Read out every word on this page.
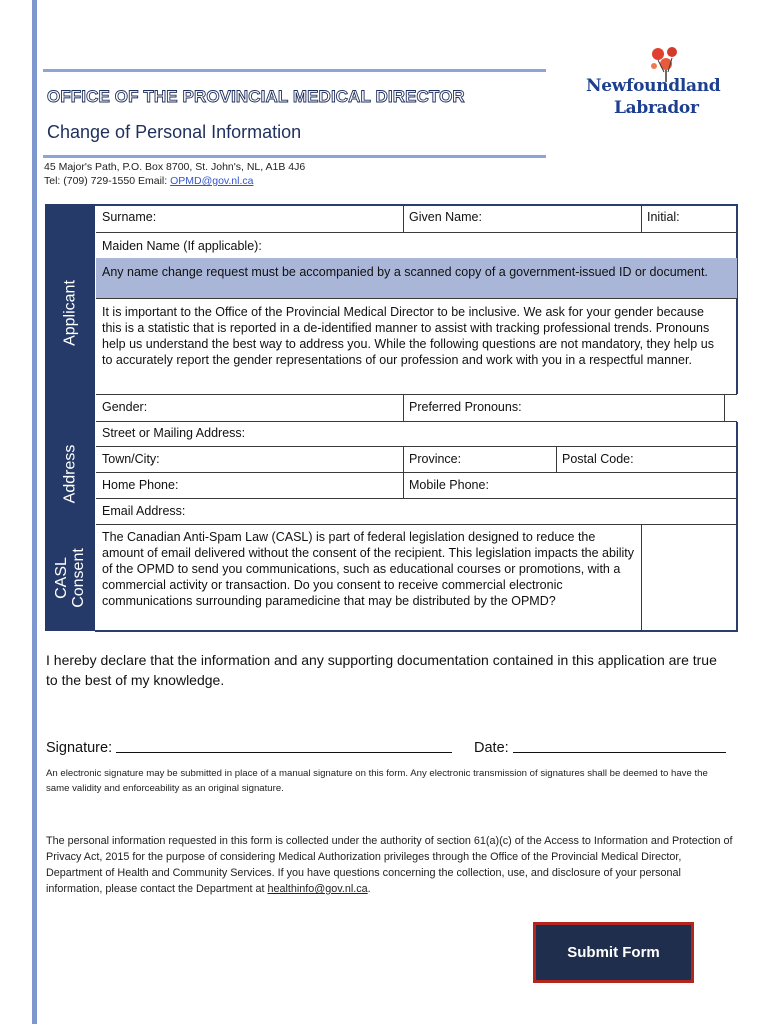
OFFICE OF THE PROVINCIAL MEDICAL DIRECTOR
Change of Personal Information
45 Major's Path, P.O. Box 8700, St. John's, NL, A1B 4J6
Tel: (709) 729-1550 Email: OPMD@gov.nl.ca
Newfoundland
Labrador
Applicant
Address
CASL Consent
Surname:	Given Name:	Initial:
Maiden Name (If applicable):
Any name change request must be accompanied by a scanned copy of a government-issued ID or document.
It is important to the Office of the Provincial Medical Director to be inclusive. We ask for your gender because this is a statistic that is reported in a de-identified manner to assist with tracking professional trends. Pronouns help us understand the best way to address you. While the following questions are not mandatory, they help us to accurately report the gender representations of our profession and work with you in a respectful manner.
Gender:	Preferred Pronouns:
Street or Mailing Address:
Town/City:	Province:	Postal Code:
Home Phone:	Mobile Phone:
Email Address:
The Canadian Anti-Spam Law (CASL) is part of federal legislation designed to reduce the amount of email delivered without the consent of the recipient. This legislation impacts the ability of the OPMD to send you communications, such as educational courses or promotions, with a commercial activity or transaction. Do you consent to receive commercial electronic communications surrounding paramedicine that may be distributed by the OPMD?
I hereby declare that the information and any supporting documentation contained in this application are true to the best of my knowledge.
Signature:	Date:
An electronic signature may be submitted in place of a manual signature on this form. Any electronic transmission of signatures shall be deemed to have the same validity and enforceability as an original signature.
The personal information requested in this form is collected under the authority of section 61(a)(c) of the Access to Information and Protection of Privacy Act, 2015 for the purpose of considering Medical Authorization privileges through the Office of the Provincial Medical Director, Department of Health and Community Services. If you have questions concerning the collection, use, and disclosure of your personal information, please contact the Department at healthinfo@gov.nl.ca.
Submit Form
